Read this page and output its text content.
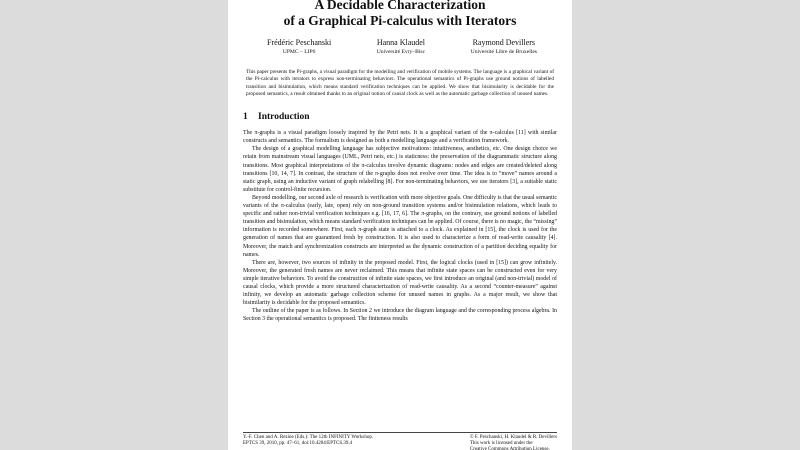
A Decidable Characterization
of a Graphical Pi-calculus with Iterators
Frédéric Peschanski
UPMC – LIP6
Hanna Klaudel
Université Evry–Bisc
Raymond Devillers
Université Libre de Bruxelles
This paper presents the Pi-graphs, a visual paradigm for the modelling and verification of mobile systems. The language is a graphical variant of the Pi-calculus with iterators to express non-terminating behaviors. The operational semantics of Pi-graphs use ground notions of labelled transition and bisimulation, which means standard verification techniques can be applied. We show that bisimularity is decidable for the proposed semantics, a result obtained thanks to an original notion of causal clock as well as the automatic garbage collection of unused names.
1 Introduction

The π-graphs is a visual paradigm loosely inspired by the Petri nets. It is a graphical variant of the π-calculus [11] with similar constructs and semantics. The formalism is designed as both a modelling language and a verification framework.

The design of a graphical modelling language has subjective motivations: intuitiveness, aesthetics, etc. One design choice we retain from mainstream visual languages (UML, Petri nets, etc.) is staticness: the preservation of the diagrammatic structure along transitions. Most graphical interpretations of the π-calculus involve dynamic diagrams: nodes and edges are created/deleted along transitions [10, 14, 7]. In contrast, the structure of the π-graphs does not evolve over time. The idea is to “move” names around a static graph, using an inductive variant of graph relabelling [8]. For non-terminating behaviors, we use iterators [3], a suitable static substitute for control-finite recursion.

Beyond modelling, our second axle of research is verification with more objective goals. One difficulty is that the usual semantic variants of the π-calculus (early, late, open) rely on non-ground transition systems and/or bisimulation relations, which leads to specific and rather non-trivial verification techniques e.g. [16, 17, 6]. The π-graphs, on the contrary, use ground notions of labelled transition and bisimulation, which means standard verification techniques can be applied. Of course, there is no magic, the “missing” information is recorded somewhere. First, each π-graph state is attached to a clock. As explained in [15], the clock is used for the generation of names that are guaranteed fresh by construction. It is also used to characterize a form of read-write causality [4]. Moreover, the match and synchronization constructs are interpreted as the dynamic construction of a partition deciding equality for names.

There are, however, two sources of infinity in the proposed model. First, the logical clocks (used in [15]) can grow infinitely. Moreover, the generated fresh names are never reclaimed. This means that infinite state spaces can be constructed even for very simple iterative behaviors. To avoid the construction of infinite state spaces, we first introduce an original (and non-trivial) model of causal clocks, which provide a more structured characterization of read-write causality. As a second “counter-measure” against infinity, we develop an automatic garbage collection scheme for unused names in graphs. As a major result, we show that bisimilarity is decidable for the proposed semantics.

The outline of the paper is as follows. In Section 2 we introduce the diagram language and the corresponding process algebra. In Section 3 the operational semantics is proposed. The finiteness results

Y.-F. Chen and A. Rezine (Eds.): The 12th INFINITY Workshop.
EPTCS 39, 2010, pp. 47–61, doi:10.4204/EPTCS.39.4
© F. Peschanski, H. Klaudel & R. Devillers
This work is licensed under the
Creative Commons Attribution License.
